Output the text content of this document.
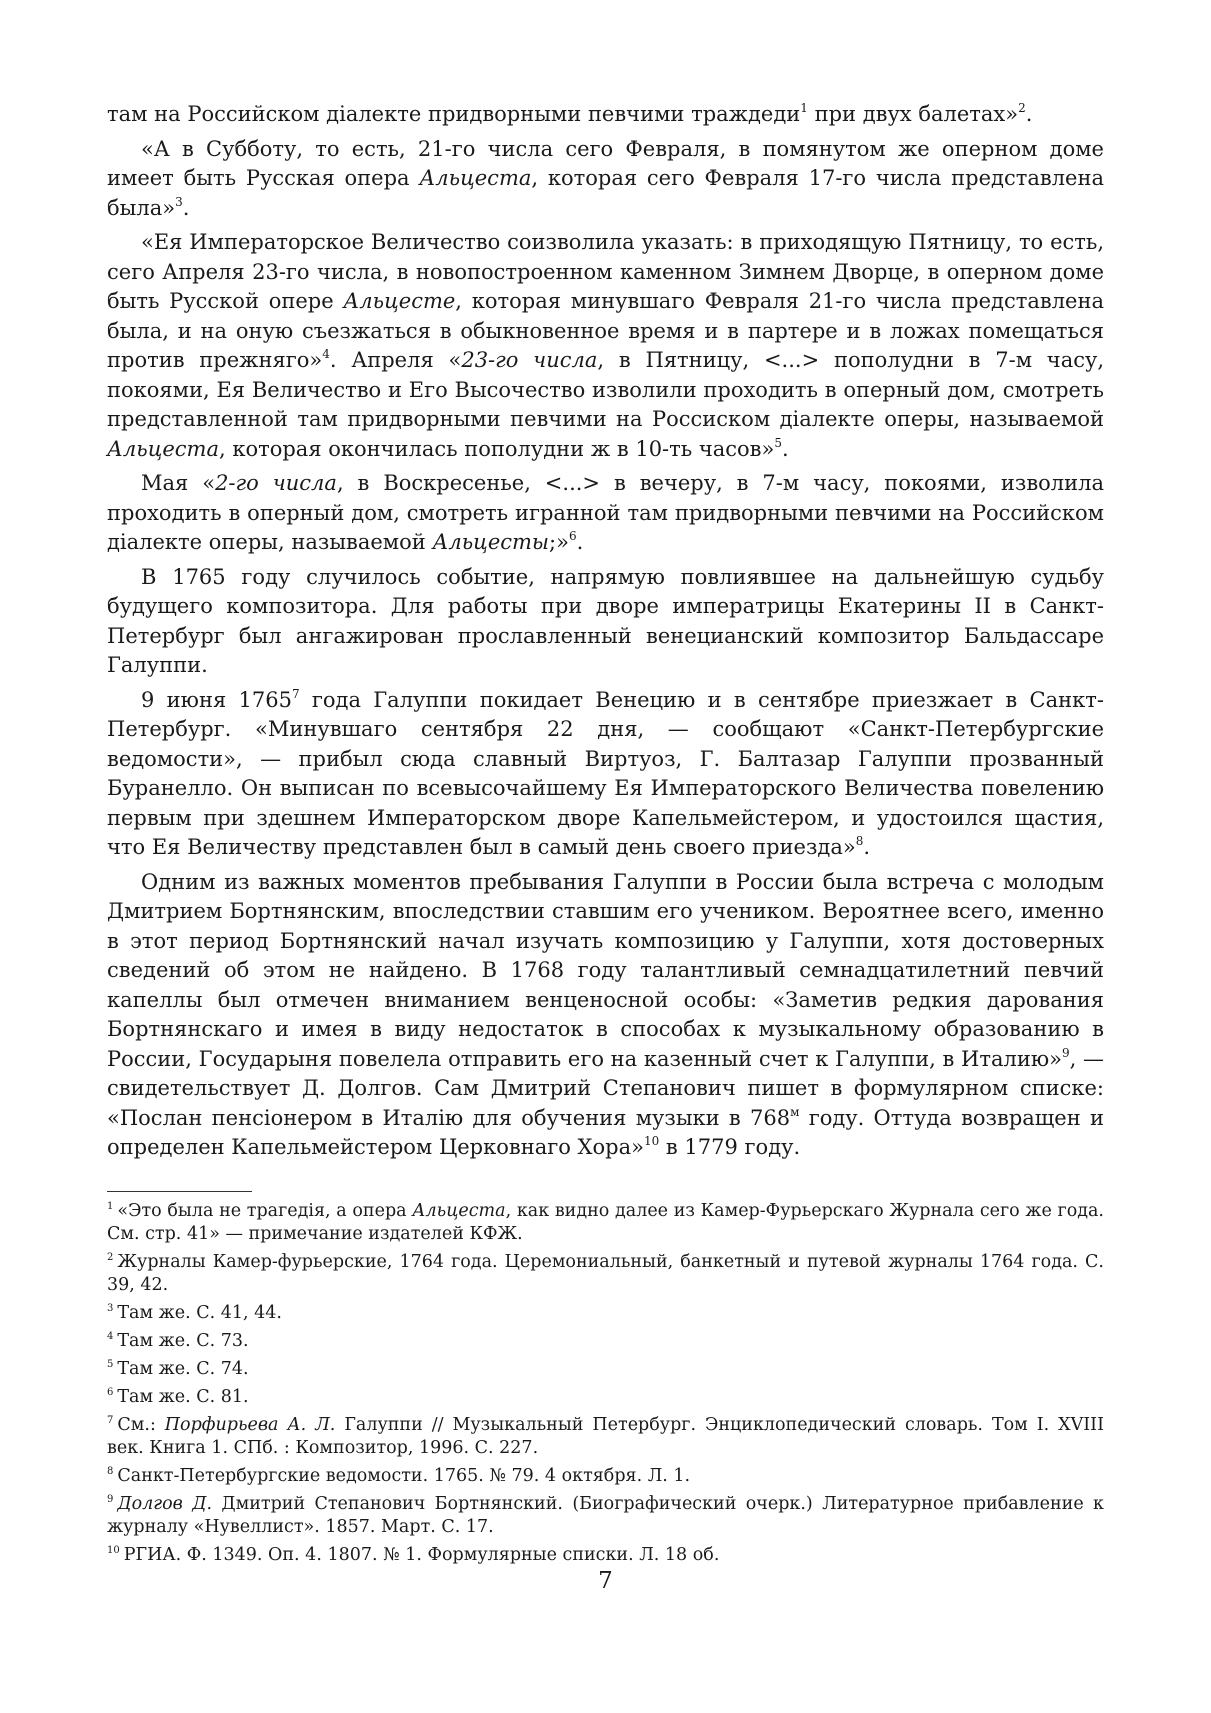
там на Российском діалекте придворными певчими траждеди$^1$ при двух балетах»$^2$.

«А в Субботу, то есть, 21-го числа сего Февраля, в помянутом же оперном доме имеет быть Русская опера Альцеста, которая сего Февраля 17-го числа представлена была»$^3$.

«Ея Императорское Величество соизволила указать: в приходящую Пятницу, то есть, сего Апреля 23-го числа, в новопостроенном каменном Зимнем Дворце, в оперном доме быть Русской опере Альцесте, которая минувшаго Февраля 21-го числа представлена была, и на оную съезжаться в обыкновенное время и в партере и в ложах помещаться против прежняго»$^4$. Апреля «23-го числа, в Пятницу, <...> пополудни в 7-м часу, покоями, Ея Величество и Его Высочество изволили проходить в оперный дом, смотреть представленной там придворными певчими на Россиском діалекте оперы, называемой Альцеста, которая окончилась пополудни ж в 10-ть часов»$^5$.

Мая «2-го числа, в Воскресенье, <...> в вечеру, в 7-м часу, покоями, изволила проходить в оперный дом, смотреть игранной там придворными певчими на Российском діалекте оперы, называемой Альцесты;»$^6$.

В 1765 году случилось событие, напрямую повлиявшее на дальнейшую судьбу будущего композитора. Для работы при дворе императрицы Екатерины II в Санкт-Петербург был ангажирован прославленный венецианский композитор Бальдассаре Галуппи.

9 июня 1765$^7$ года Галуппи покидает Венецию и в сентябре приезжает в Санкт-Петербург. «Минувшаго сентября 22 дня, — сообщают «Санкт-Петербургские ведомости», — прибыл сюда славный Виртуоз, Г. Балтазар Галуппи прозванный Буранелло. Он выписан по всевысочайшему Ея Императорского Величества повелению первым при здешнем Императорском дворе Капельмейстером, и удостоился щастия, что Ея Величеству представлен был в самый день своего приезда»$^8$.

Одним из важных моментов пребывания Галуппи в России была встреча с молодым Дмитрием Бортнянским, впоследствии ставшим его учеником. Вероятнее всего, именно в этот период Бортнянский начал изучать композицию у Галуппи, хотя достоверных сведений об этом не найдено. В 1768 году талантливый семнадцатилетний певчий капеллы был отмечен вниманием венценосной особы: «Заметив редкия дарования Бортнянскаго и имея в виду недостаток в способах к музыкальному образованию в России, Государыня повелела отправить его на казенный счет к Галуппи, в Италию»$^9$, — свидетельствует Д. Долгов. Сам Дмитрий Степанович пишет в формулярном списке: «Послан пенсіонером в Италію для обучения музыки в $768^м$ году. Оттуда возвращен и определен Капельмейстером Церковнаго Хора»$^{10}$ в 1779 году.

$^1$ «Это была не трагедія, а опера Альцеста, как видно далее из Камер-Фурьерскаго Журнала сего же года. См. стр. 41» — примечание издателей КФЖ.
$^2$ Журналы Камер-фурьерские, 1764 года. Церемониальный, банкетный и путевой журналы 1764 года. С. 39, 42.
$^3$ Там же. С. 41, 44.
$^4$ Там же. С. 73.
$^5$ Там же. С. 74.
$^6$ Там же. С. 81.
$^7$ См.: Порфирьева А. Л. Галуппи // Музыкальный Петербург. Энциклопедический словарь. Том I. XVIII век. Книга 1. СПб. : Композитор, 1996. С. 227.
$^8$ Санкт-Петербургские ведомости. 1765. № 79. 4 октября. Л. 1.
$^9$ Долгов Д. Дмитрий Степанович Бортнянский. (Биографический очерк.) Литературное прибавление к журналу «Нувеллист». 1857. Март. С. 17.
$^{10}$ РГИА. Ф. 1349. Оп. 4. 1807. № 1. Формулярные списки. Л. 18 об.
7
